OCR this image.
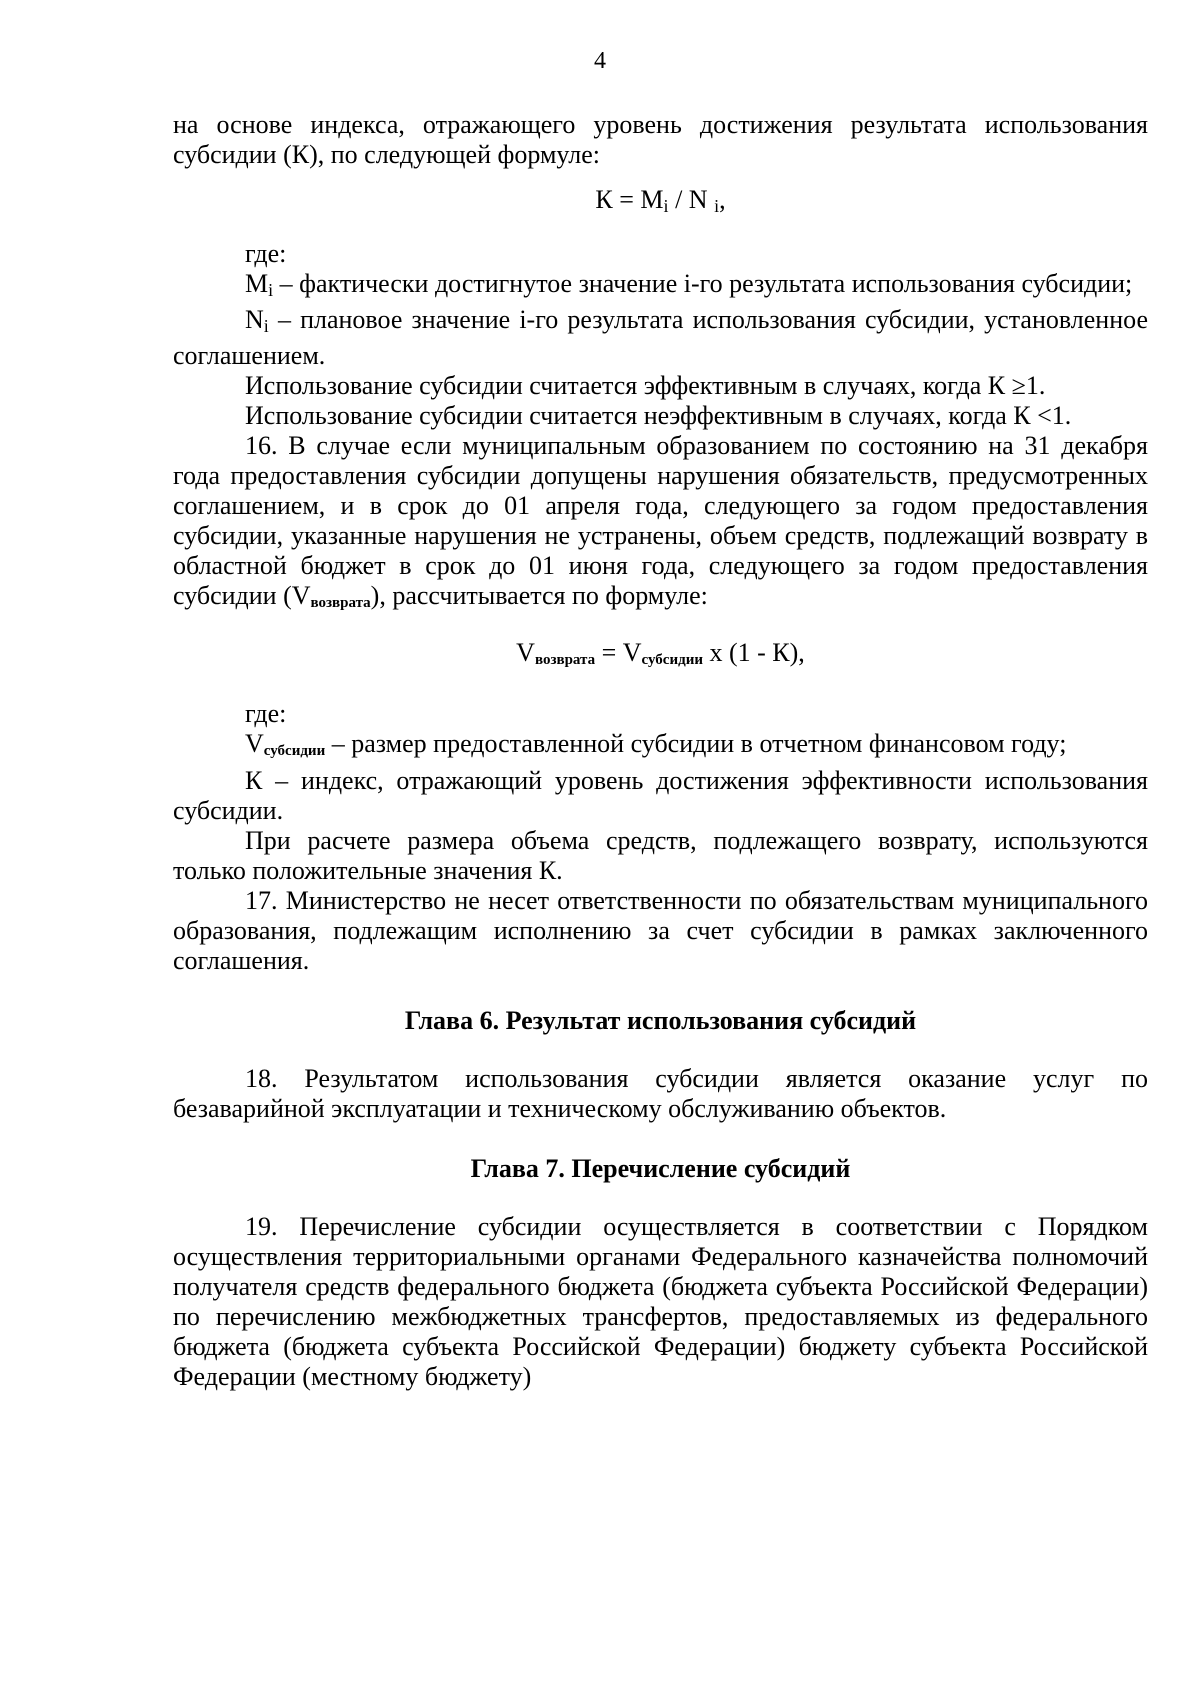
4

на основе индекса, отражающего уровень достижения результата использования субсидии (К), по следующей формуле:

К = Мi / N i,

где:

Мi – фактически достигнутое значение i-го результата использования субсидии;

Ni – плановое значение i-го результата использования субсидии, установленное соглашением.

Использование субсидии считается эффективным в случаях, когда К ≥1.

Использование субсидии считается неэффективным в случаях, когда К <1.

16. В случае если муниципальным образованием по состоянию на 31 декабря года предоставления субсидии допущены нарушения обязательств, предусмотренных соглашением, и в срок до 01 апреля года, следующего за годом предоставления субсидии, указанные нарушения не устранены, объем средств, подлежащий возврату в областной бюджет в срок до 01 июня года, следующего за годом предоставления субсидии (Vвозврата), рассчитывается по формуле:

Vвозврата = Vсубсидии х (1 - К),

где:

Vсубсидии – размер предоставленной субсидии в отчетном финансовом году;

К – индекс, отражающий уровень достижения эффективности использования субсидии.

При расчете размера объема средств, подлежащего возврату, используются только положительные значения К.

17. Министерство не несет ответственности по обязательствам муниципального образования, подлежащим исполнению за счет субсидии в рамках заключенного соглашения.

Глава 6. Результат использования субсидий

18. Результатом использования субсидии является оказание услуг по безаварийной эксплуатации и техническому обслуживанию объектов.

Глава 7. Перечисление субсидий

19. Перечисление субсидии осуществляется в соответствии с Порядком осуществления территориальными органами Федерального казначейства полномочий получателя средств федерального бюджета (бюджета субъекта Российской Федерации) по перечислению межбюджетных трансфертов, предоставляемых из федерального бюджета (бюджета субъекта Российской Федерации) бюджету субъекта Российской Федерации (местному бюджету)
